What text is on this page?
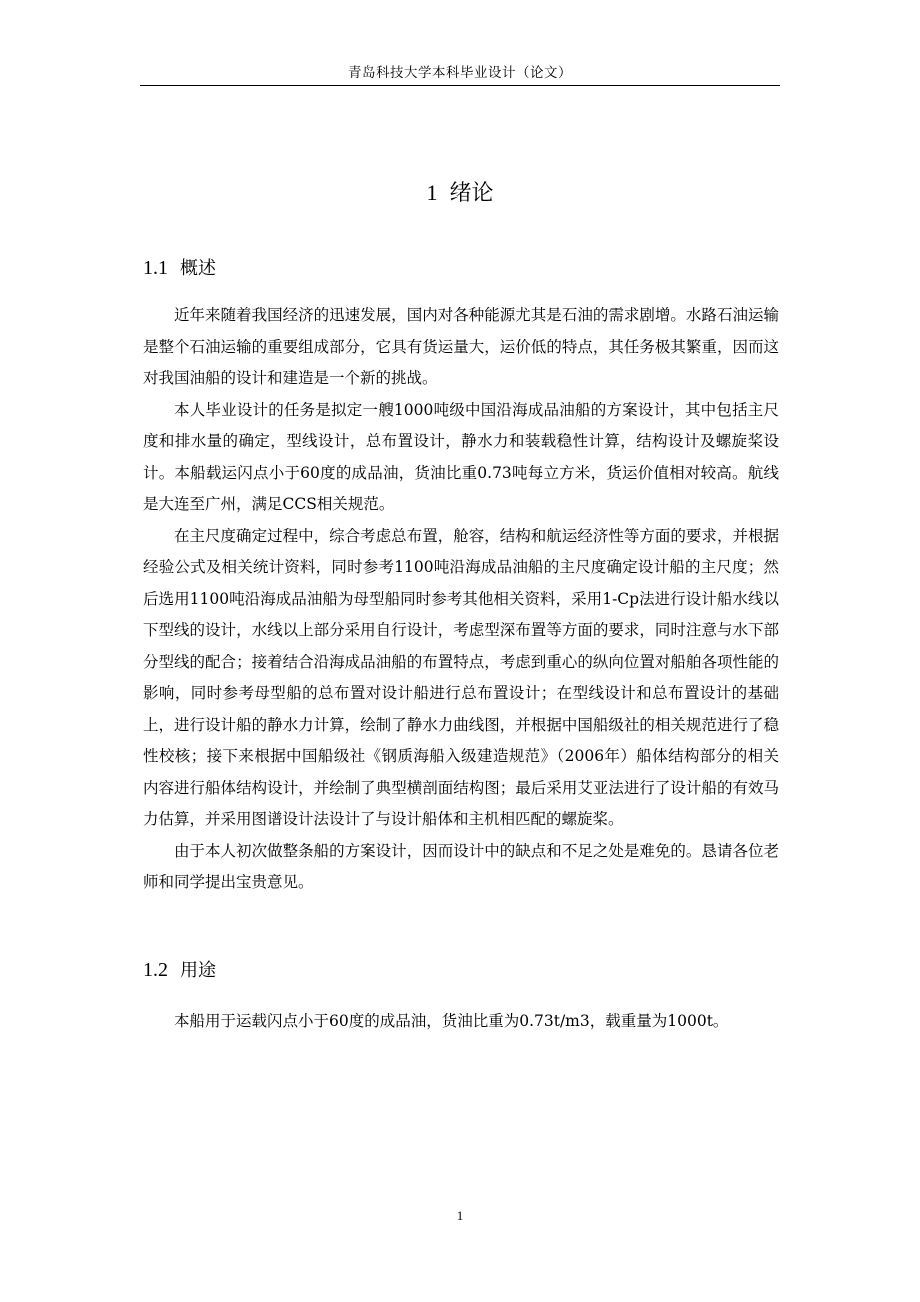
青岛科技大学本科毕业设计（论文）
1 绪论
1.1 概述

近年来随着我国经济的迅速发展，国内对各种能源尤其是石油的需求剧增。水路石油运输是整个石油运输的重要组成部分，它具有货运量大，运价低的特点，其任务极其繁重，因而这对我国油船的设计和建造是一个新的挑战。

本人毕业设计的任务是拟定一艘1000吨级中国沿海成品油船的方案设计，其中包括主尺度和排水量的确定，型线设计，总布置设计，静水力和装载稳性计算，结构设计及螺旋桨设计。本船载运闪点小于60度的成品油，货油比重0.73吨每立方米，货运价值相对较高。航线是大连至广州，满足CCS相关规范。

在主尺度确定过程中，综合考虑总布置，舱容，结构和航运经济性等方面的要求，并根据经验公式及相关统计资料，同时参考1100吨沿海成品油船的主尺度确定设计船的主尺度；然后选用1100吨沿海成品油船为母型船同时参考其他相关资料，采用1-Cp法进行设计船水线以下型线的设计，水线以上部分采用自行设计，考虑型深布置等方面的要求，同时注意与水下部分型线的配合；接着结合沿海成品油船的布置特点，考虑到重心的纵向位置对船舶各项性能的影响，同时参考母型船的总布置对设计船进行总布置设计；在型线设计和总布置设计的基础上，进行设计船的静水力计算，绘制了静水力曲线图，并根据中国船级社的相关规范进行了稳性校核；接下来根据中国船级社《钢质海船入级建造规范》（2006年）船体结构部分的相关内容进行船体结构设计，并绘制了典型横剖面结构图；最后采用艾亚法进行了设计船的有效马力估算，并采用图谱设计法设计了与设计船体和主机相匹配的螺旋桨。

由于本人初次做整条船的方案设计，因而设计中的缺点和不足之处是难免的。恳请各位老师和同学提出宝贵意见。

1.2 用途

本船用于运载闪点小于60度的成品油，货油比重为0.73t/m3，载重量为1000t。

1
